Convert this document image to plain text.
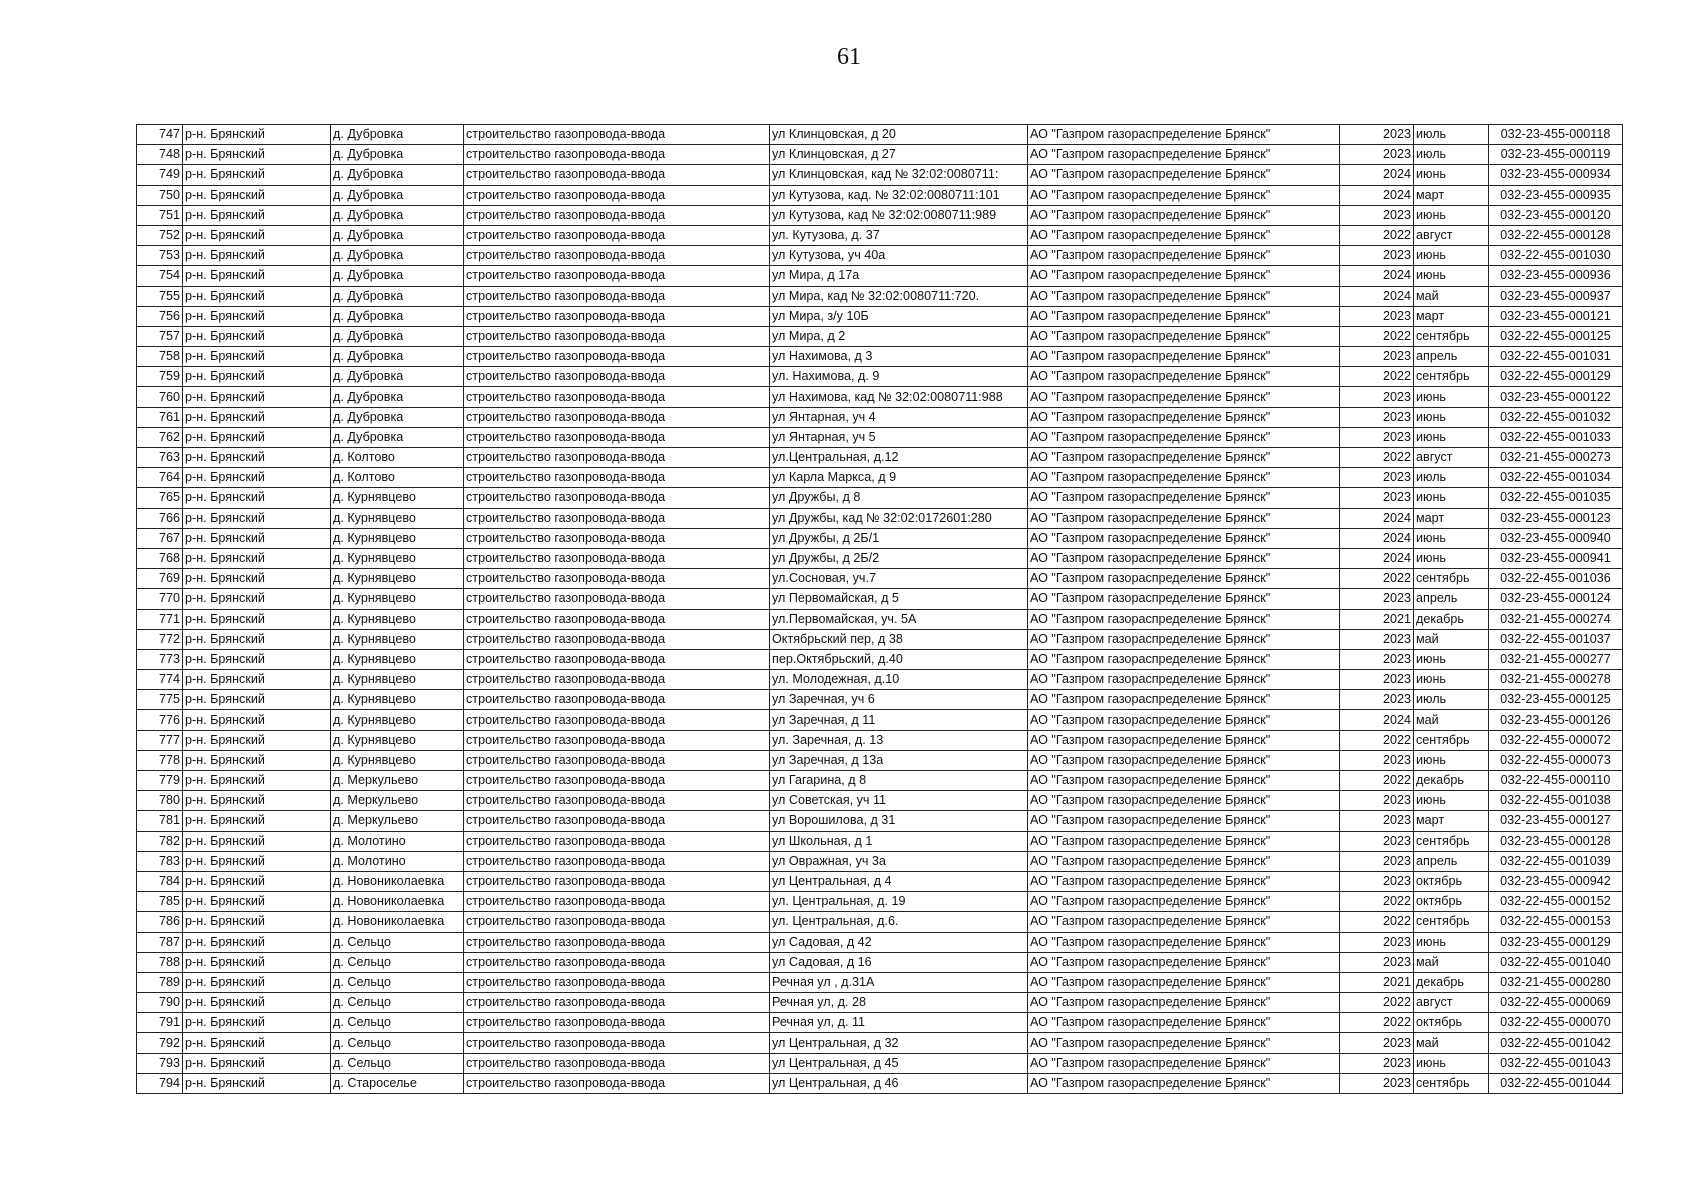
61
747	р-н. Брянский	д. Дубровка	строительство газопровода-ввода	ул Клинцовская, д 20	АО "Газпром газораспределение Брянск"	2023	июль	032-23-455-000118
748	р-н. Брянский	д. Дубровка	строительство газопровода-ввода	ул Клинцовская, д 27	АО "Газпром газораспределение Брянск"	2023	июль	032-23-455-000119
749	р-н. Брянский	д. Дубровка	строительство газопровода-ввода	ул Клинцовская, кад № 32:02:0080711:	АО "Газпром газораспределение Брянск"	2024	июнь	032-23-455-000934
750	р-н. Брянский	д. Дубровка	строительство газопровода-ввода	ул Кутузова, кад. № 32:02:0080711:101	АО "Газпром газораспределение Брянск"	2024	март	032-23-455-000935
751	р-н. Брянский	д. Дубровка	строительство газопровода-ввода	ул Кутузова, кад № 32:02:0080711:989	АО "Газпром газораспределение Брянск"	2023	июнь	032-23-455-000120
752	р-н. Брянский	д. Дубровка	строительство газопровода-ввода	ул. Кутузова, д. 37	АО "Газпром газораспределение Брянск"	2022	август	032-22-455-000128
753	р-н. Брянский	д. Дубровка	строительство газопровода-ввода	ул Кутузова, уч 40а	АО "Газпром газораспределение Брянск"	2023	июнь	032-22-455-001030
754	р-н. Брянский	д. Дубровка	строительство газопровода-ввода	ул Мира, д 17а	АО "Газпром газораспределение Брянск"	2024	июнь	032-23-455-000936
755	р-н. Брянский	д. Дубровка	строительство газопровода-ввода	ул Мира, кад № 32:02:0080711:720.	АО "Газпром газораспределение Брянск"	2024	май	032-23-455-000937
756	р-н. Брянский	д. Дубровка	строительство газопровода-ввода	ул Мира, з/у 10Б	АО "Газпром газораспределение Брянск"	2023	март	032-23-455-000121
757	р-н. Брянский	д. Дубровка	строительство газопровода-ввода	ул Мира, д 2	АО "Газпром газораспределение Брянск"	2022	сентябрь	032-22-455-000125
758	р-н. Брянский	д. Дубровка	строительство газопровода-ввода	ул Нахимова, д 3	АО "Газпром газораспределение Брянск"	2023	апрель	032-22-455-001031
759	р-н. Брянский	д. Дубровка	строительство газопровода-ввода	ул. Нахимова, д. 9	АО "Газпром газораспределение Брянск"	2022	сентябрь	032-22-455-000129
760	р-н. Брянский	д. Дубровка	строительство газопровода-ввода	ул Нахимова, кад № 32:02:0080711:988	АО "Газпром газораспределение Брянск"	2023	июнь	032-23-455-000122
761	р-н. Брянский	д. Дубровка	строительство газопровода-ввода	ул Янтарная, уч 4	АО "Газпром газораспределение Брянск"	2023	июнь	032-22-455-001032
762	р-н. Брянский	д. Дубровка	строительство газопровода-ввода	ул Янтарная, уч 5	АО "Газпром газораспределение Брянск"	2023	июнь	032-22-455-001033
763	р-н. Брянский	д. Колтово	строительство газопровода-ввода	ул.Центральная, д.12	АО "Газпром газораспределение Брянск"	2022	август	032-21-455-000273
764	р-н. Брянский	д. Колтово	строительство газопровода-ввода	ул Карла Маркса, д 9	АО "Газпром газораспределение Брянск"	2023	июль	032-22-455-001034
765	р-н. Брянский	д. Курнявцево	строительство газопровода-ввода	ул Дружбы, д 8	АО "Газпром газораспределение Брянск"	2023	июнь	032-22-455-001035
766	р-н. Брянский	д. Курнявцево	строительство газопровода-ввода	ул Дружбы, кад № 32:02:0172601:280	АО "Газпром газораспределение Брянск"	2024	март	032-23-455-000123
767	р-н. Брянский	д. Курнявцево	строительство газопровода-ввода	ул Дружбы, д 2Б/1	АО "Газпром газораспределение Брянск"	2024	июнь	032-23-455-000940
768	р-н. Брянский	д. Курнявцево	строительство газопровода-ввода	ул Дружбы, д 2Б/2	АО "Газпром газораспределение Брянск"	2024	июнь	032-23-455-000941
769	р-н. Брянский	д. Курнявцево	строительство газопровода-ввода	ул.Сосновая, уч.7	АО "Газпром газораспределение Брянск"	2022	сентябрь	032-22-455-001036
770	р-н. Брянский	д. Курнявцево	строительство газопровода-ввода	ул Первомайская, д 5	АО "Газпром газораспределение Брянск"	2023	апрель	032-23-455-000124
771	р-н. Брянский	д. Курнявцево	строительство газопровода-ввода	ул.Первомайская, уч. 5А	АО "Газпром газораспределение Брянск"	2021	декабрь	032-21-455-000274
772	р-н. Брянский	д. Курнявцево	строительство газопровода-ввода	Октябрьский пер, д 38	АО "Газпром газораспределение Брянск"	2023	май	032-22-455-001037
773	р-н. Брянский	д. Курнявцево	строительство газопровода-ввода	пер.Октябрьский, д.40	АО "Газпром газораспределение Брянск"	2023	июнь	032-21-455-000277
774	р-н. Брянский	д. Курнявцево	строительство газопровода-ввода	ул. Молодежная, д.10	АО "Газпром газораспределение Брянск"	2023	июнь	032-21-455-000278
775	р-н. Брянский	д. Курнявцево	строительство газопровода-ввода	ул Заречная, уч 6	АО "Газпром газораспределение Брянск"	2023	июль	032-23-455-000125
776	р-н. Брянский	д. Курнявцево	строительство газопровода-ввода	ул Заречная, д 11	АО "Газпром газораспределение Брянск"	2024	май	032-23-455-000126
777	р-н. Брянский	д. Курнявцево	строительство газопровода-ввода	ул. Заречная, д. 13	АО "Газпром газораспределение Брянск"	2022	сентябрь	032-22-455-000072
778	р-н. Брянский	д. Курнявцево	строительство газопровода-ввода	ул Заречная, д 13а	АО "Газпром газораспределение Брянск"	2023	июнь	032-22-455-000073
779	р-н. Брянский	д. Меркульево	строительство газопровода-ввода	ул Гагарина, д 8	АО "Газпром газораспределение Брянск"	2022	декабрь	032-22-455-000110
780	р-н. Брянский	д. Меркульево	строительство газопровода-ввода	ул Советская, уч 11	АО "Газпром газораспределение Брянск"	2023	июнь	032-22-455-001038
781	р-н. Брянский	д. Меркульево	строительство газопровода-ввода	ул Ворошилова, д 31	АО "Газпром газораспределение Брянск"	2023	март	032-23-455-000127
782	р-н. Брянский	д. Молотино	строительство газопровода-ввода	ул Школьная, д 1	АО "Газпром газораспределение Брянск"	2023	сентябрь	032-23-455-000128
783	р-н. Брянский	д. Молотино	строительство газопровода-ввода	ул Овражная, уч 3а	АО "Газпром газораспределение Брянск"	2023	апрель	032-22-455-001039
784	р-н. Брянский	д. Новониколаевка	строительство газопровода-ввода	ул Центральная, д 4	АО "Газпром газораспределение Брянск"	2023	октябрь	032-23-455-000942
785	р-н. Брянский	д. Новониколаевка	строительство газопровода-ввода	ул. Центральная, д. 19	АО "Газпром газораспределение Брянск"	2022	октябрь	032-22-455-000152
786	р-н. Брянский	д. Новониколаевка	строительство газопровода-ввода	ул. Центральная, д.6.	АО "Газпром газораспределение Брянск"	2022	сентябрь	032-22-455-000153
787	р-н. Брянский	д. Сельцо	строительство газопровода-ввода	ул Садовая, д 42	АО "Газпром газораспределение Брянск"	2023	июнь	032-23-455-000129
788	р-н. Брянский	д. Сельцо	строительство газопровода-ввода	ул Садовая, д 16	АО "Газпром газораспределение Брянск"	2023	май	032-22-455-001040
789	р-н. Брянский	д. Сельцо	строительство газопровода-ввода	Речная ул , д.31А	АО "Газпром газораспределение Брянск"	2021	декабрь	032-21-455-000280
790	р-н. Брянский	д. Сельцо	строительство газопровода-ввода	Речная ул, д. 28	АО "Газпром газораспределение Брянск"	2022	август	032-22-455-000069
791	р-н. Брянский	д. Сельцо	строительство газопровода-ввода	Речная ул, д. 11	АО "Газпром газораспределение Брянск"	2022	октябрь	032-22-455-000070
792	р-н. Брянский	д. Сельцо	строительство газопровода-ввода	ул Центральная, д 32	АО "Газпром газораспределение Брянск"	2023	май	032-22-455-001042
793	р-н. Брянский	д. Сельцо	строительство газопровода-ввода	ул Центральная, д 45	АО "Газпром газораспределение Брянск"	2023	июнь	032-22-455-001043
794	р-н. Брянский	д. Староселье	строительство газопровода-ввода	ул Центральная, д 46	АО "Газпром газораспределение Брянск"	2023	сентябрь	032-22-455-001044
